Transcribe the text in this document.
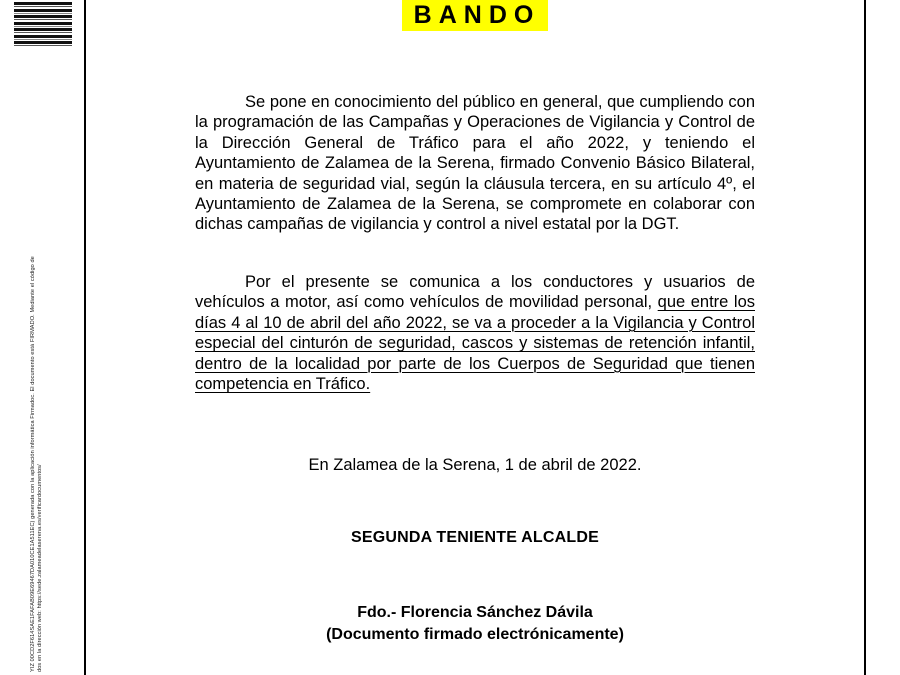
YIZ 00CD2F614SAE1FAFAB09E69467DA010CE1A511EC) generada con la aplicación informática Firmadoc. El documento está FIRMADO. Mediante el código de dos en la dirección web: https://sede.zalameadelaserena.es/verificardocumentos/
BANDO
Se pone en conocimiento del público en general, que cumpliendo con la programación de las Campañas y Operaciones de Vigilancia y Control de la Dirección General de Tráfico para el año 2022, y teniendo el Ayuntamiento de Zalamea de la Serena, firmado Convenio Básico Bilateral, en materia de seguridad vial, según la cláusula tercera, en su artículo 4º, el Ayuntamiento de Zalamea de la Serena, se compromete en colaborar con dichas campañas de vigilancia y control a nivel estatal por la DGT.
Por el presente se comunica a los conductores y usuarios de vehículos a motor, así como vehículos de movilidad personal, que entre los días 4 al 10 de abril del año 2022, se va a proceder a la Vigilancia y Control especial del cinturón de seguridad, cascos y sistemas de retención infantil, dentro de la localidad por parte de los Cuerpos de Seguridad que tienen competencia en Tráfico.
En Zalamea de la Serena, 1 de abril de 2022.
SEGUNDA TENIENTE ALCALDE
Fdo.- Florencia Sánchez Dávila
(Documento firmado electrónicamente)
